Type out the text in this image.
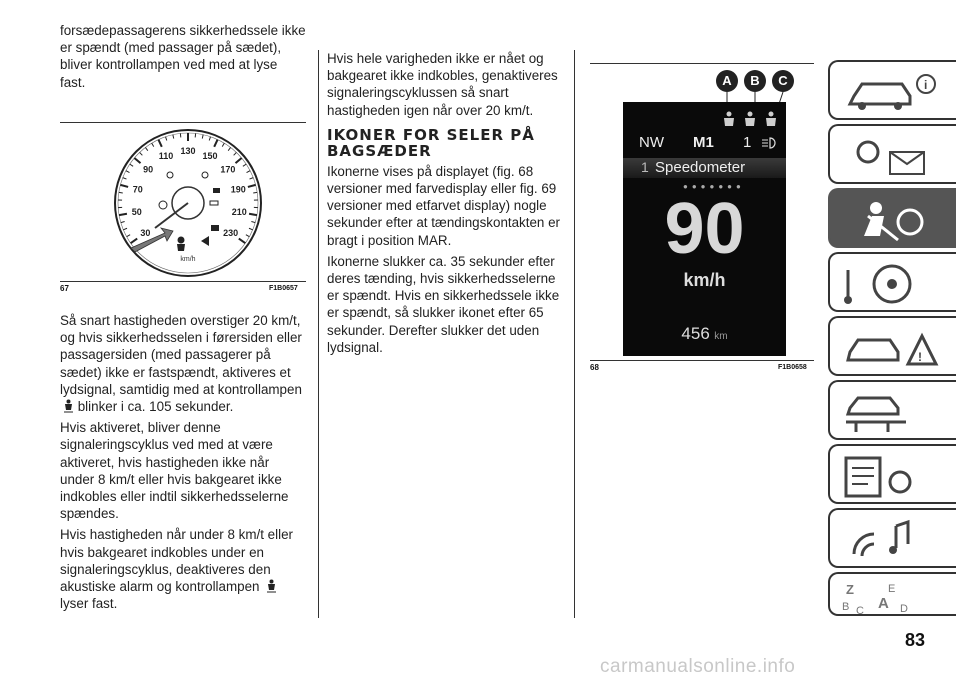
forsædepassagerens sikkerhedssele ikke er spændt (med passager på sædet), bliver kontrollampen ved med at lyse fast.

30
50
70
90
110 130 150
170
190
210
230
km/h
67	F1B0657

Så snart hastigheden overstiger 20 km/t, og hvis sikkerhedsselen i førersiden eller passagersiden (med passagerer på sædet) ikke er fastspændt, aktiveres et lydsignal, samtidig med at kontrollampen  blinker i ca. 105 sekunder.

Hvis aktiveret, bliver denne signaleringscyklus ved med at være aktiveret, hvis hastigheden ikke når under 8 km/t eller hvis bakgearet ikke indkobles eller indtil sikkerhedsselerne spændes.

Hvis hastigheden når under 8 km/t eller hvis bakgearet indkobles under en signaleringscyklus, deaktiveres den akustiske alarm og kontrollampen  lyser fast.

Hvis hele varigheden ikke er nået og bakgearet ikke indkobles, genaktiveres signaleringscyklussen så snart hastigheden igen når over 20 km/t.

IKONER FOR SELER PÅ BAGSÆDER

Ikonerne vises på displayet (fig. 68 versioner med farvedisplay eller fig. 69 versioner med etfarvet display) nogle sekunder efter at tændingskontakten er bragt i position MAR.

Ikonerne slukker ca. 35 sekunder efter deres tænding, hvis sikkerhedsselerne er spændt. Hvis en sikkerhedssele ikke er spændt, så slukker ikonet efter 65 sekunder. Derefter slukker det uden lydsignal.

A	B	C
NW M1 1
1 Speedometer
●●●●●●●
90
km/h
456 km
68	F1B0658
i
!
Z	E
A
B C	D
83
carmanualsonline.info
